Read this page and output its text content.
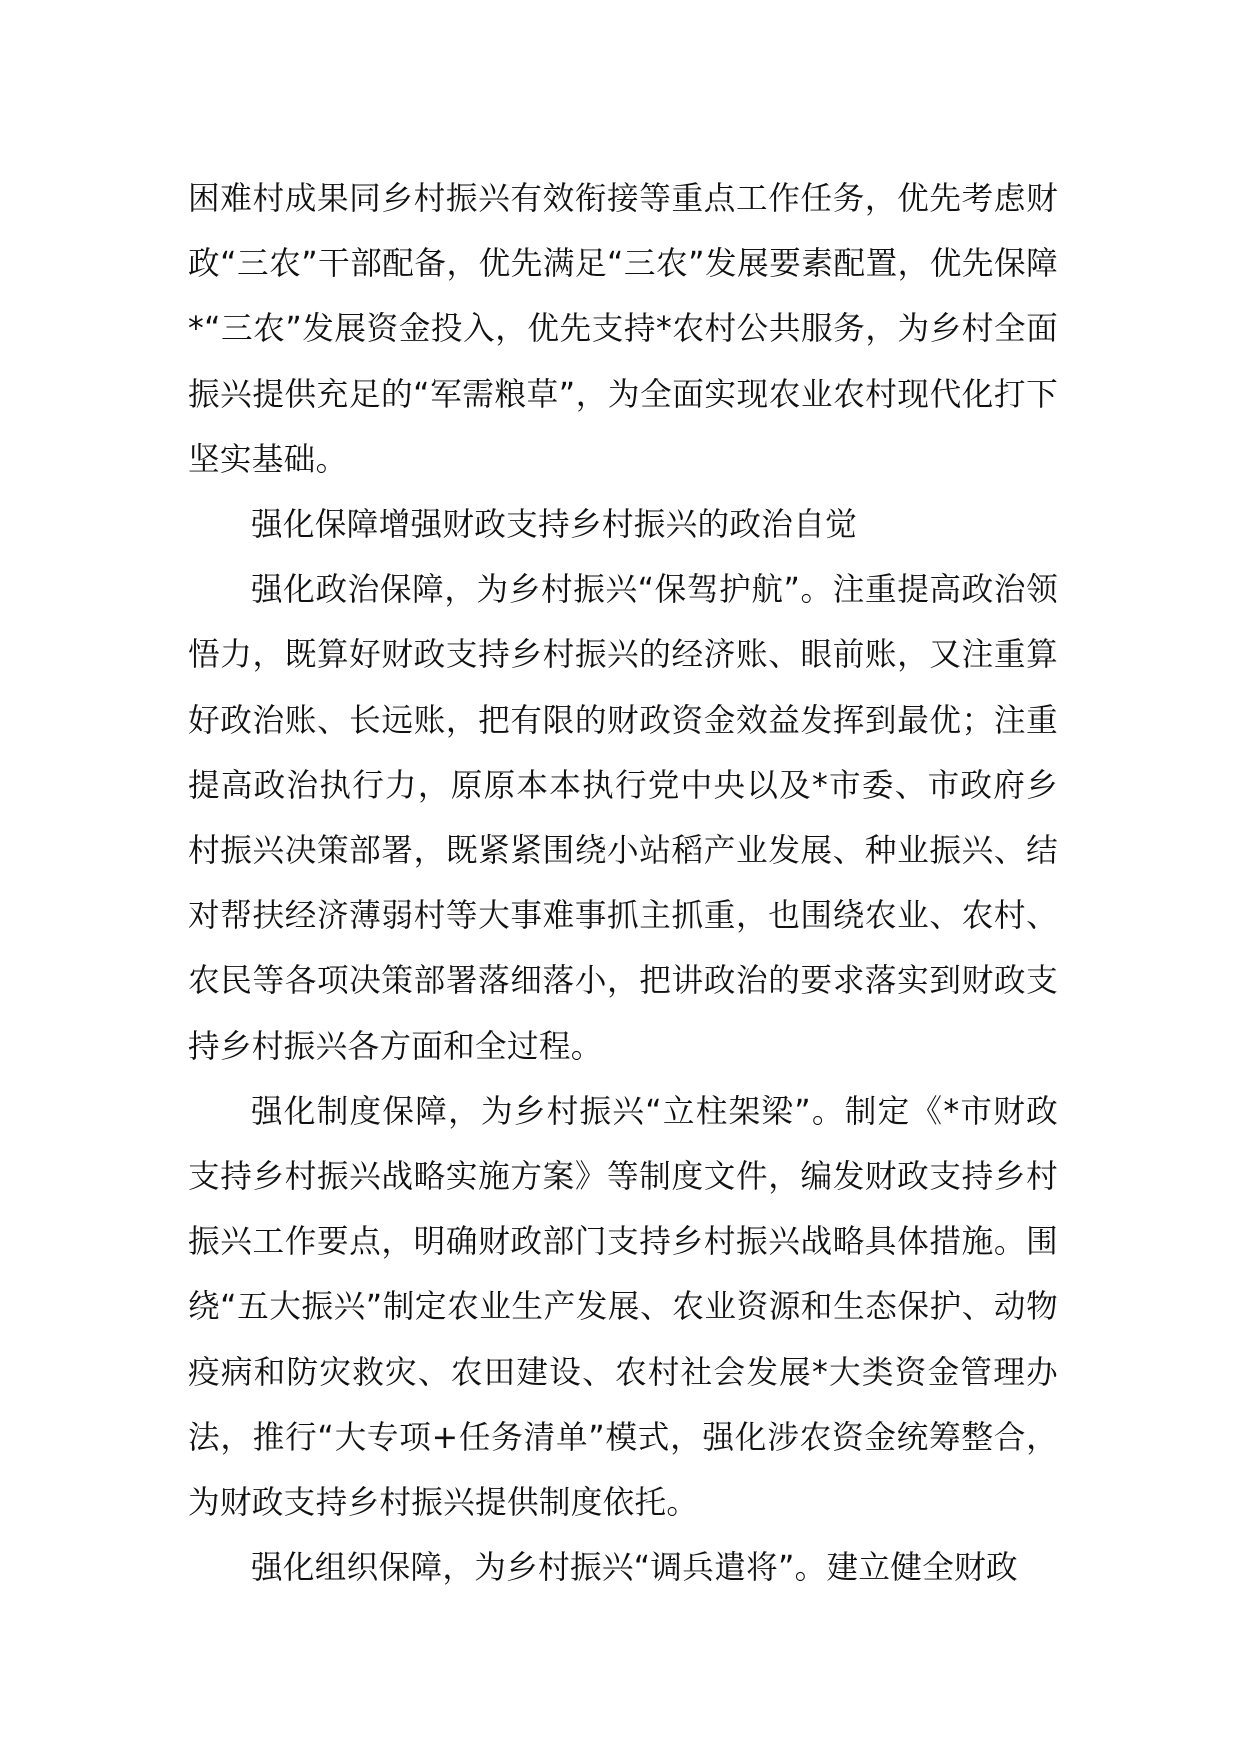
困难村成果同乡村振兴有效衔接等重点工作任务，优先考虑财政“三农”干部配备，优先满足“三农”发展要素配置，优先保障*“三农”发展资金投入，优先支持*农村公共服务，为乡村全面振兴提供充足的“军需粮草”，为全面实现农业农村现代化打下坚实基础。

强化保障增强财政支持乡村振兴的政治自觉

强化政治保障，为乡村振兴“保驾护航”。注重提高政治领悟力，既算好财政支持乡村振兴的经济账、眼前账，又注重算好政治账、长远账，把有限的财政资金效益发挥到最优；注重提高政治执行力，原原本本执行党中央以及*市委、市政府乡村振兴决策部署，既紧紧围绕小站稻产业发展、种业振兴、结对帮扶经济薄弱村等大事难事抓主抓重，也围绕农业、农村、农民等各项决策部署落细落小，把讲政治的要求落实到财政支持乡村振兴各方面和全过程。

强化制度保障，为乡村振兴“立柱架梁”。制定《*市财政支持乡村振兴战略实施方案》等制度文件，编发财政支持乡村振兴工作要点，明确财政部门支持乡村振兴战略具体措施。围绕“五大振兴”制定农业生产发展、农业资源和生态保护、动物疫病和防灾救灾、农田建设、农村社会发展*大类资金管理办法，推行“大专项+任务清单”模式，强化涉农资金统筹整合，为财政支持乡村振兴提供制度依托。

强化组织保障，为乡村振兴“调兵遣将”。建立健全财政
